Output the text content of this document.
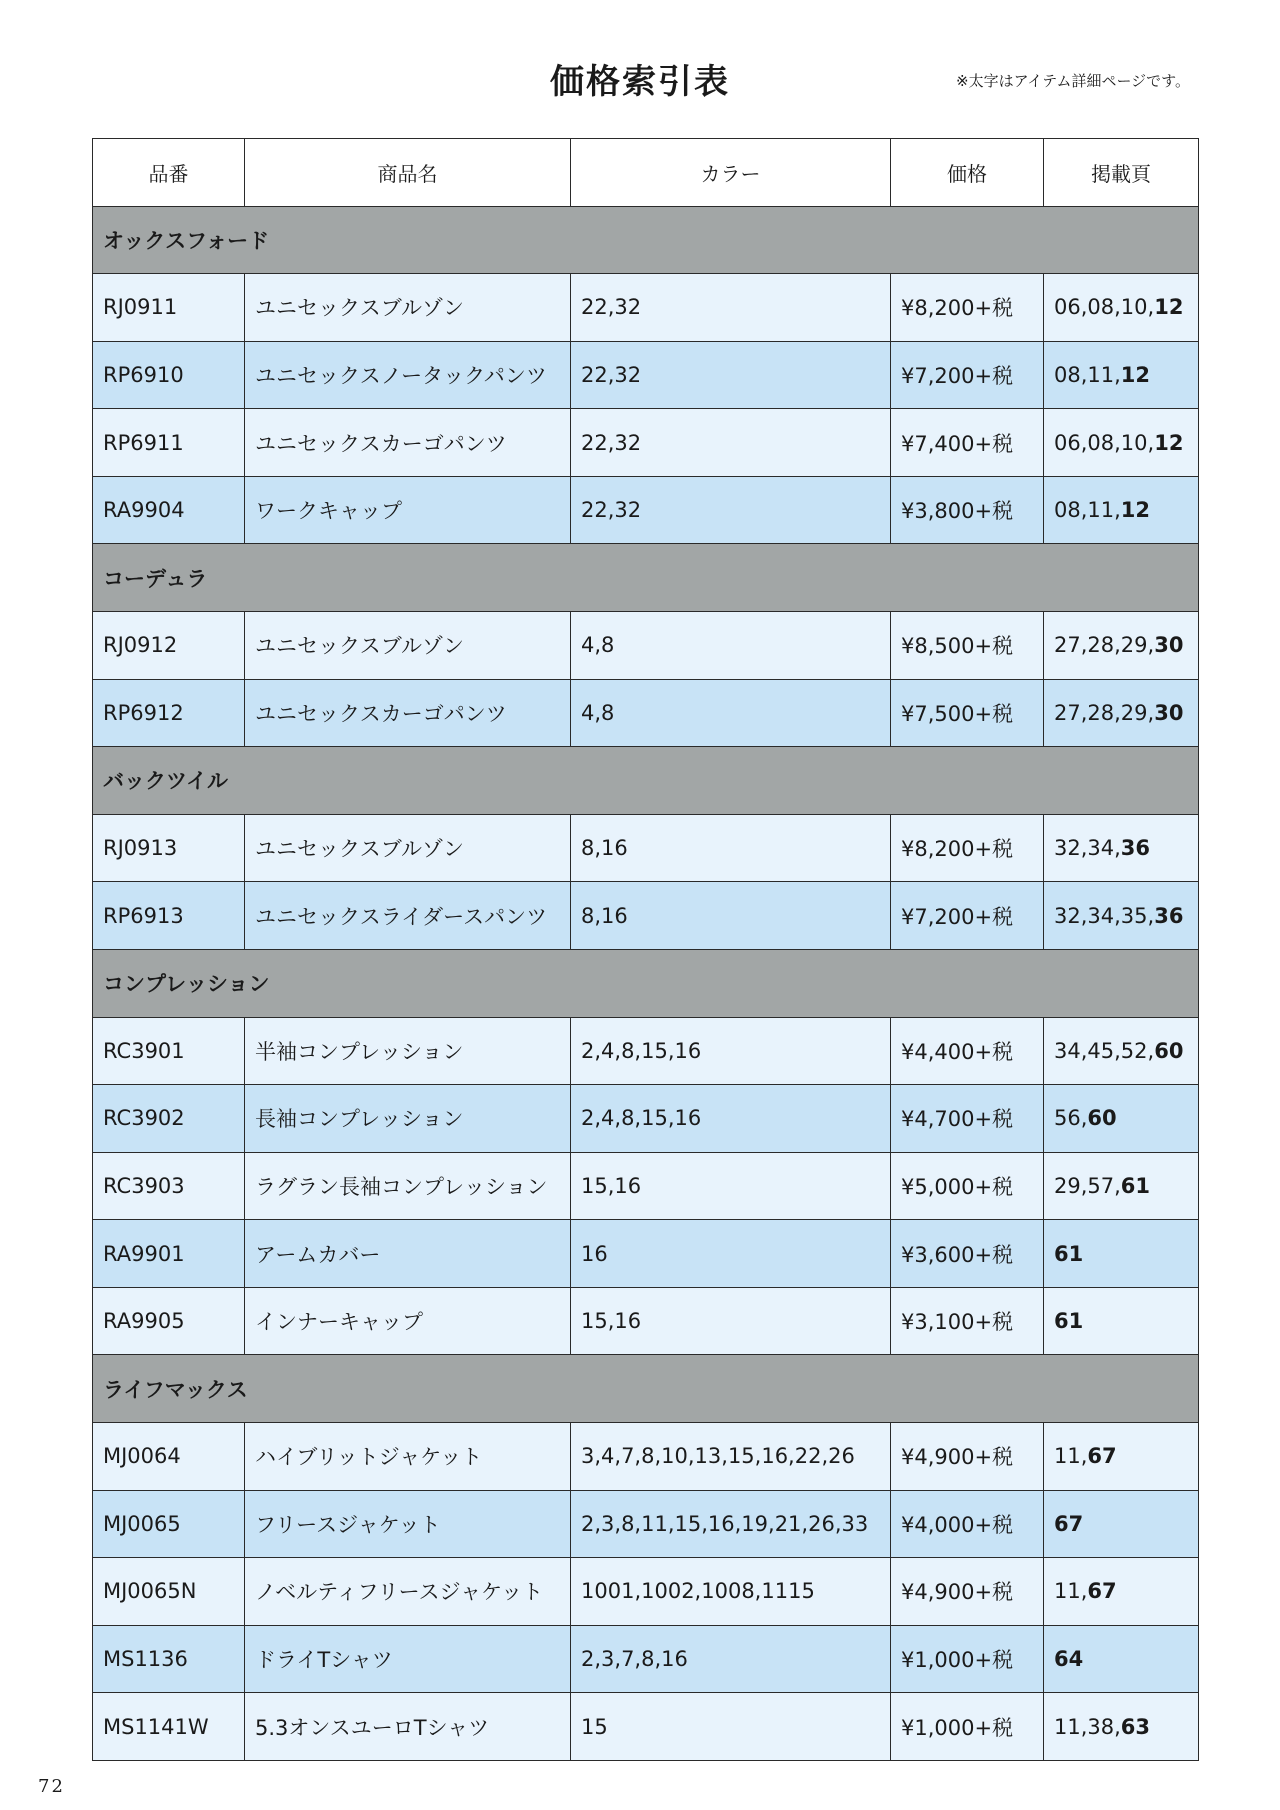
価格索引表	※太字はアイテム詳細ページです。
品番	商品名	カラー	価格	掲載頁
オックスフォード				
RJ0911	ユニセックスブルゾン	22,32	¥8,200+税	06,08,10,12
RP6910	ユニセックスノータックパンツ	22,32	¥7,200+税	08,11,12
RP6911	ユニセックスカーゴパンツ	22,32	¥7,400+税	06,08,10,12
RA9904	ワークキャップ	22,32	¥3,800+税	08,11,12
コーデュラ				
RJ0912	ユニセックスブルゾン	4,8	¥8,500+税	27,28,29,30
RP6912	ユニセックスカーゴパンツ	4,8	¥7,500+税	27,28,29,30
バックツイル				
RJ0913	ユニセックスブルゾン	8,16	¥8,200+税	32,34,36
RP6913	ユニセックスライダースパンツ	8,16	¥7,200+税	32,34,35,36
コンプレッション				
RC3901	半袖コンプレッション	2,4,8,15,16	¥4,400+税	34,45,52,60
RC3902	長袖コンプレッション	2,4,8,15,16	¥4,700+税	56,60
RC3903	ラグラン長袖コンプレッション	15,16	¥5,000+税	29,57,61
RA9901	アームカバー	16	¥3,600+税	61
RA9905	インナーキャップ	15,16	¥3,100+税	61
ライフマックス				
MJ0064	ハイブリットジャケット	3,4,7,8,10,13,15,16,22,26	¥4,900+税	11,67
MJ0065	フリースジャケット	2,3,8,11,15,16,19,21,26,33	¥4,000+税	67
MJ0065N	ノベルティフリースジャケット	1001,1002,1008,1115	¥4,900+税	11,67
MS1136	ドライTシャツ	2,3,7,8,16	¥1,000+税	64
MS1141W	5.3オンスユーロTシャツ	15	¥1,000+税	11,38,63
72
